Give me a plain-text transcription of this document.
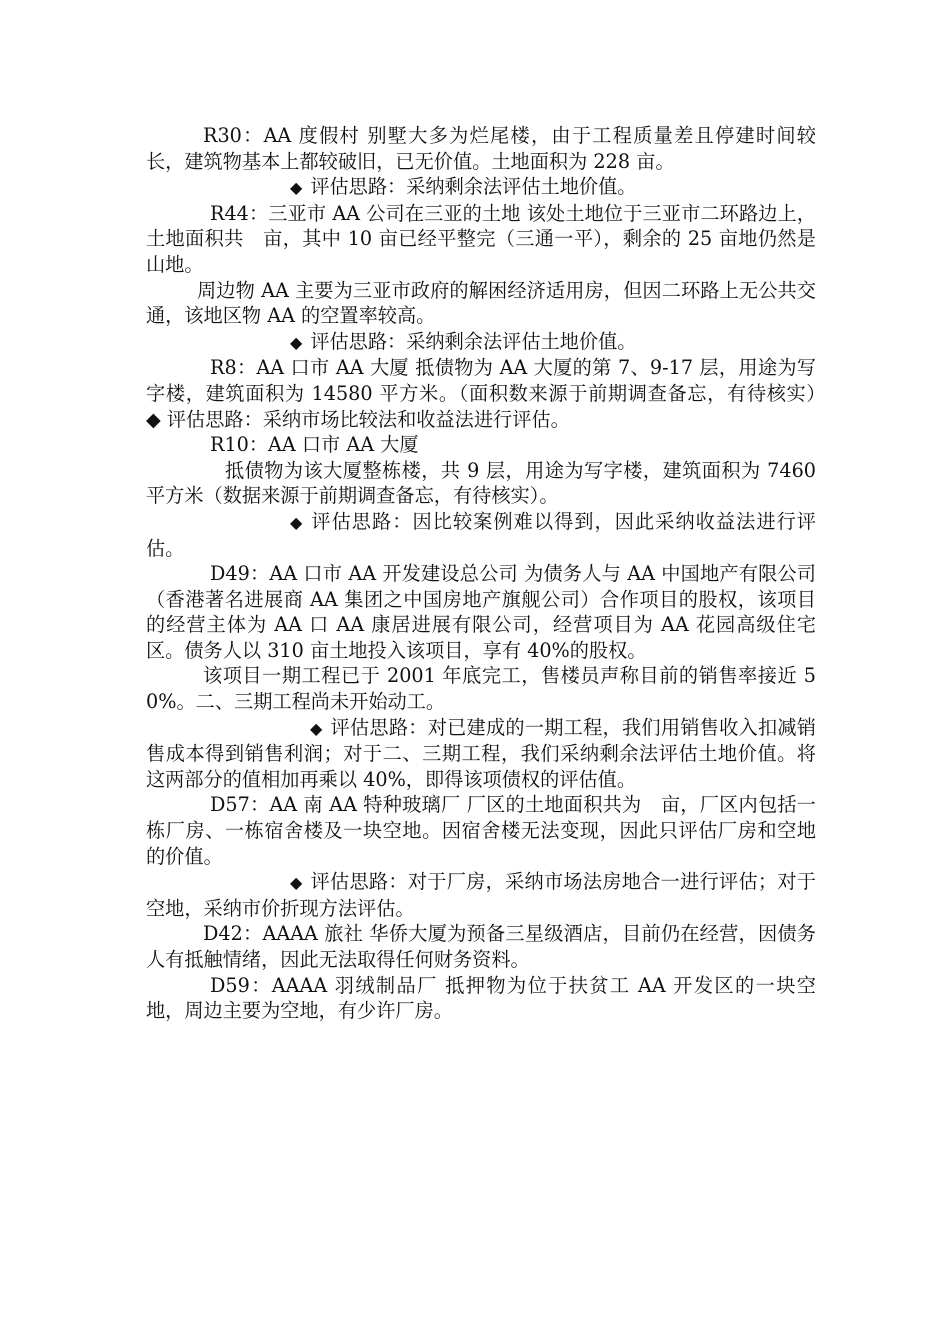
R30：AA 度假村 别墅大多为烂尾楼，由于工程质量差且停建时间较长，建筑物基本上都较破旧，已无价值。土地面积为 228 亩。

◆ 评估思路：采纳剩余法评估土地价值。

R44：三亚市 AA 公司在三亚的土地 该处土地位于三亚市二环路边上，土地面积共　亩，其中 10 亩已经平整完（三通一平），剩余的 25 亩地仍然是山地。

周边物 AA 主要为三亚市政府的解困经济适用房，但因二环路上无公共交通，该地区物 AA 的空置率较高。

◆ 评估思路：采纳剩余法评估土地价值。

R8：AA 口市 AA 大厦 抵债物为 AA 大厦的第 7、9-17 层，用途为写字楼，建筑面积为 14580 平方米。（面积数来源于前期调查备忘，有待核实）　◆ 评估思路：采纳市场比较法和收益法进行评估。

R10：AA 口市 AA 大厦

抵债物为该大厦整栋楼，共 9 层，用途为写字楼，建筑面积为 7460 平方米（数据来源于前期调查备忘，有待核实）。

◆ 评估思路：因比较案例难以得到，因此采纳收益法进行评估。

D49：AA 口市 AA 开发建设总公司 为债务人与 AA 中国地产有限公司（香港著名进展商 AA 集团之中国房地产旗舰公司）合作项目的股权，该项目的经营主体为 AA 口 AA 康居进展有限公司，经营项目为 AA 花园高级住宅区。债务人以 310 亩土地投入该项目，享有 40%的股权。

该项目一期工程已于 2001 年底完工，售楼员声称目前的销售率接近 50%。二、三期工程尚未开始动工。

◆ 评估思路：对已建成的一期工程，我们用销售收入扣减销售成本得到销售利润；对于二、三期工程，我们采纳剩余法评估土地价值。将这两部分的值相加再乘以 40%，即得该项债权的评估值。

D57：AA 南 AA 特种玻璃厂 厂区的土地面积共为　亩，厂区内包括一栋厂房、一栋宿舍楼及一块空地。因宿舍楼无法变现，因此只评估厂房和空地的价值。

◆ 评估思路：对于厂房，采纳市场法房地合一进行评估；对于空地，采纳市价折现方法评估。

D42：AAAA 旅社 华侨大厦为预备三星级酒店，目前仍在经营，因债务人有抵触情绪，因此无法取得任何财务资料。

D59：AAAA 羽绒制品厂 抵押物为位于扶贫工 AA 开发区的一块空地，周边主要为空地，有少许厂房。
